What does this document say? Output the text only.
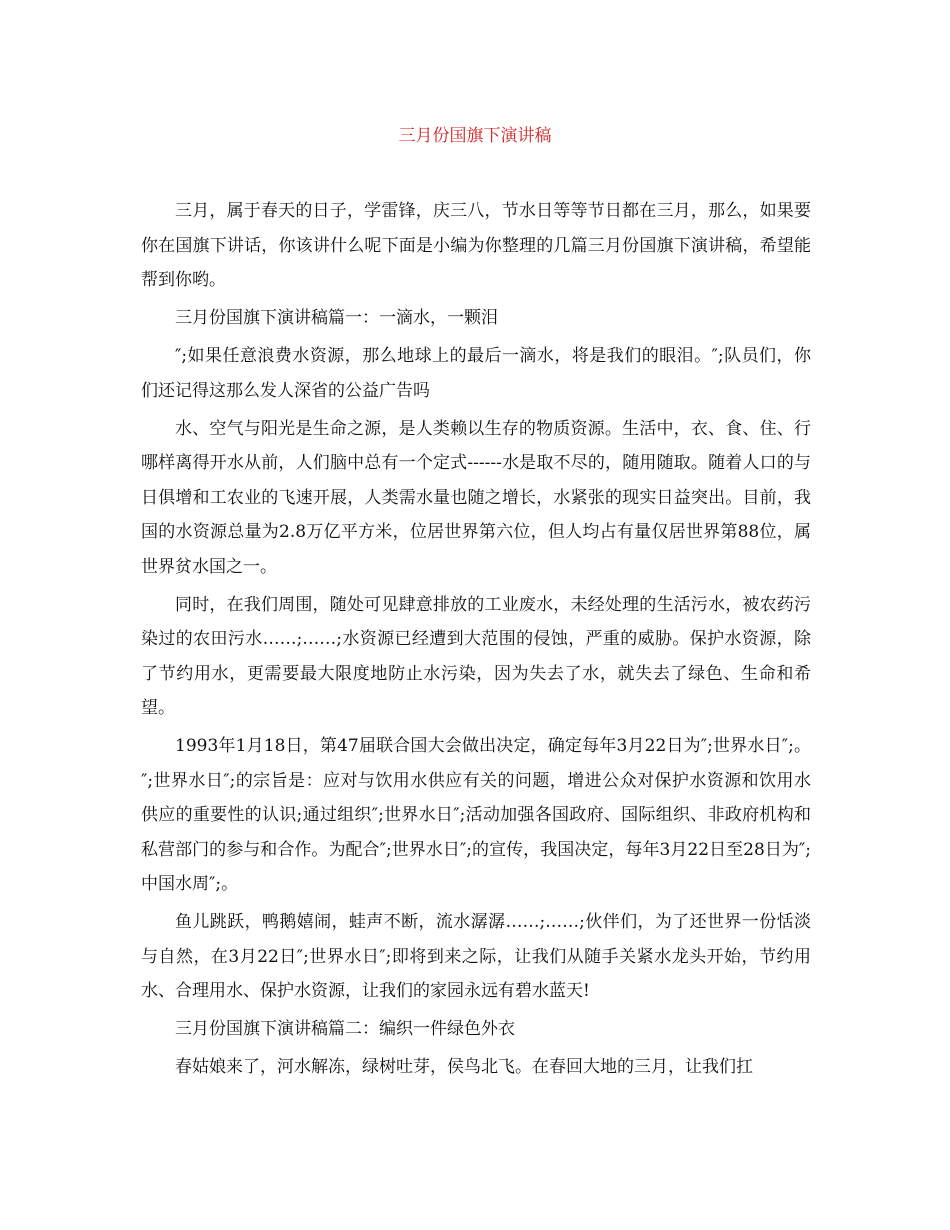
三月份国旗下演讲稿

三月，属于春天的日子，学雷锋，庆三八，节水日等等节日都在三月，那么，如果要你在国旗下讲话，你该讲什么呢下面是小编为你整理的几篇三月份国旗下演讲稿，希望能帮到你哟。

三月份国旗下演讲稿篇一：一滴水，一颗泪

″;如果任意浪费水资源，那么地球上的最后一滴水，将是我们的眼泪。″;队员们，你们还记得这那么发人深省的公益广告吗

水、空气与阳光是生命之源，是人类赖以生存的物质资源。生活中，衣、食、住、行哪样离得开水从前，人们脑中总有一个定式------水是取不尽的，随用随取。随着人口的与日俱增和工农业的飞速开展，人类需水量也随之增长，水紧张的现实日益突出。目前，我国的水资源总量为2.8万亿平方米，位居世界第六位，但人均占有量仅居世界第88位，属世界贫水国之一。

同时，在我们周围，随处可见肆意排放的工业废水，未经处理的生活污水，被农药污染过的农田污水……;……;水资源已经遭到大范围的侵蚀，严重的威胁。保护水资源，除了节约用水，更需要最大限度地防止水污染，因为失去了水，就失去了绿色、生命和希望。

1993年1月18日，第47届联合国大会做出决定，确定每年3月22日为″;世界水日″;。″;世界水日″;的宗旨是：应对与饮用水供应有关的问题，增进公众对保护水资源和饮用水供应的重要性的认识;通过组织″;世界水日″;活动加强各国政府、国际组织、非政府机构和私营部门的参与和合作。为配合″;世界水日″;的宣传，我国决定，每年3月22日至28日为″;中国水周″;。

鱼儿跳跃，鸭鹅嬉闹，蛙声不断，流水潺潺……;……;伙伴们，为了还世界一份恬淡与自然，在3月22日″;世界水日″;即将到来之际，让我们从随手关紧水龙头开始，节约用水、合理用水、保护水资源，让我们的家园永远有碧水蓝天!

三月份国旗下演讲稿篇二：编织一件绿色外衣

春姑娘来了，河水解冻，绿树吐芽，侯鸟北飞。在春回大地的三月，让我们扛
